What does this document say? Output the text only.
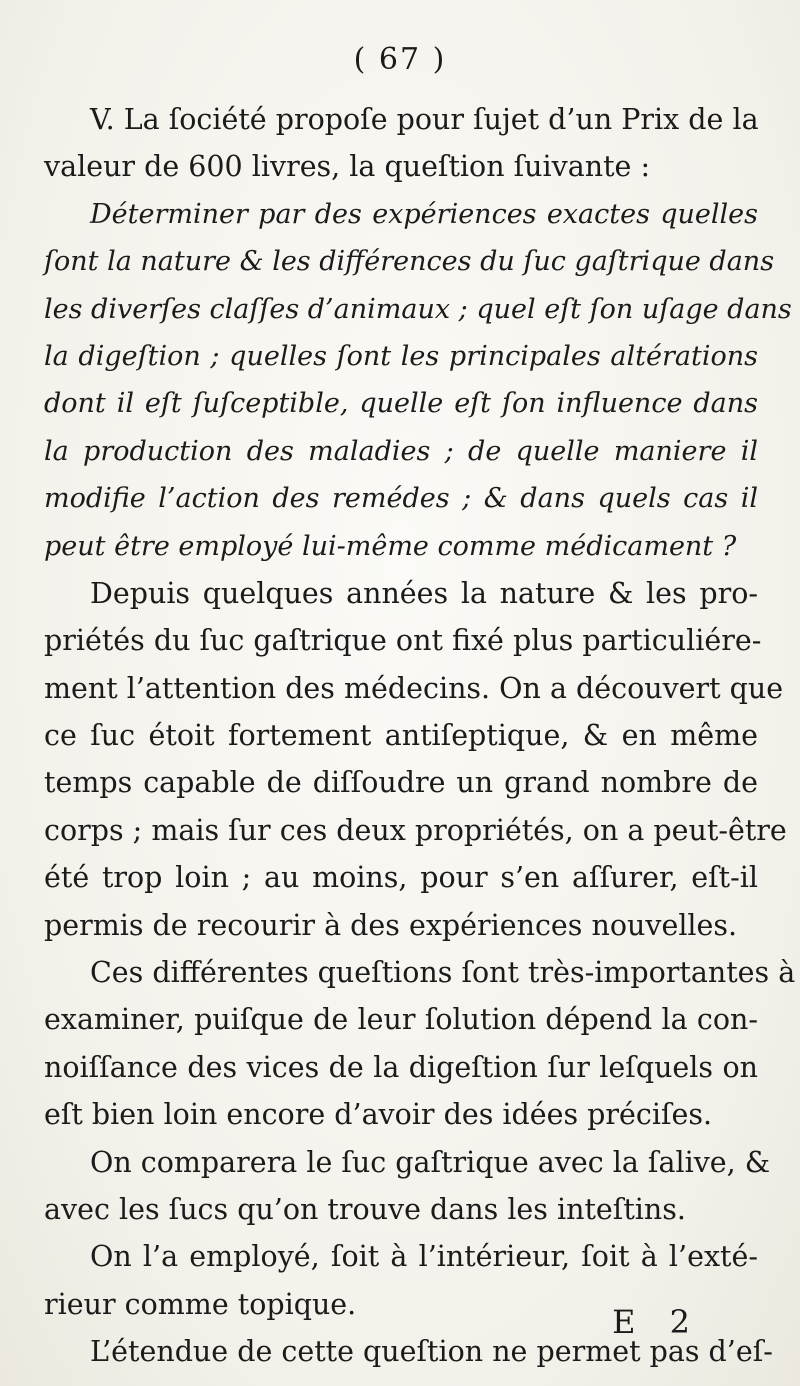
( 67 )
V. La ſociété propoſe pour ſujet d’un Prix de la
valeur de 600 livres, la queſtion ſuivante :
Déterminer par des expériences exactes quelles
ſont la nature & les différences du ſuc gaſtrique dans
les diverſes claſſes d’animaux ; quel eſt ſon uſage dans
la digeſtion ; quelles ſont les principales altérations
dont il eſt ſuſceptible, quelle eſt ſon influence dans
la production des maladies ; de quelle maniere il
modifie l’action des remédes ; & dans quels cas il
peut être employé lui-même comme médicament ?
Depuis quelques années la nature & les pro-
priétés du ſuc gaſtrique ont fixé plus particuliére-
ment l’attention des médecins. On a découvert que
ce ſuc étoit fortement antiſeptique, & en même
temps capable de diſſoudre un grand nombre de
corps ; mais ſur ces deux propriétés, on a peut-être
été trop loin ; au moins, pour s’en aſſurer, eſt-il
permis de recourir à des expériences nouvelles.
Ces différentes queſtions ſont très-importantes à
examiner, puiſque de leur ſolution dépend la con-
noiſſance des vices de la digeſtion ſur leſquels on
eſt bien loin encore d’avoir des idées préciſes.
On comparera le ſuc gaſtrique avec la ſalive, &
avec les ſucs qu’on trouve dans les inteſtins.
On l’a employé, ſoit à l’intérieur, ſoit à l’exté-
rieur comme topique.
L’étendue de cette queſtion ne permet pas d’eſ-
E 2
